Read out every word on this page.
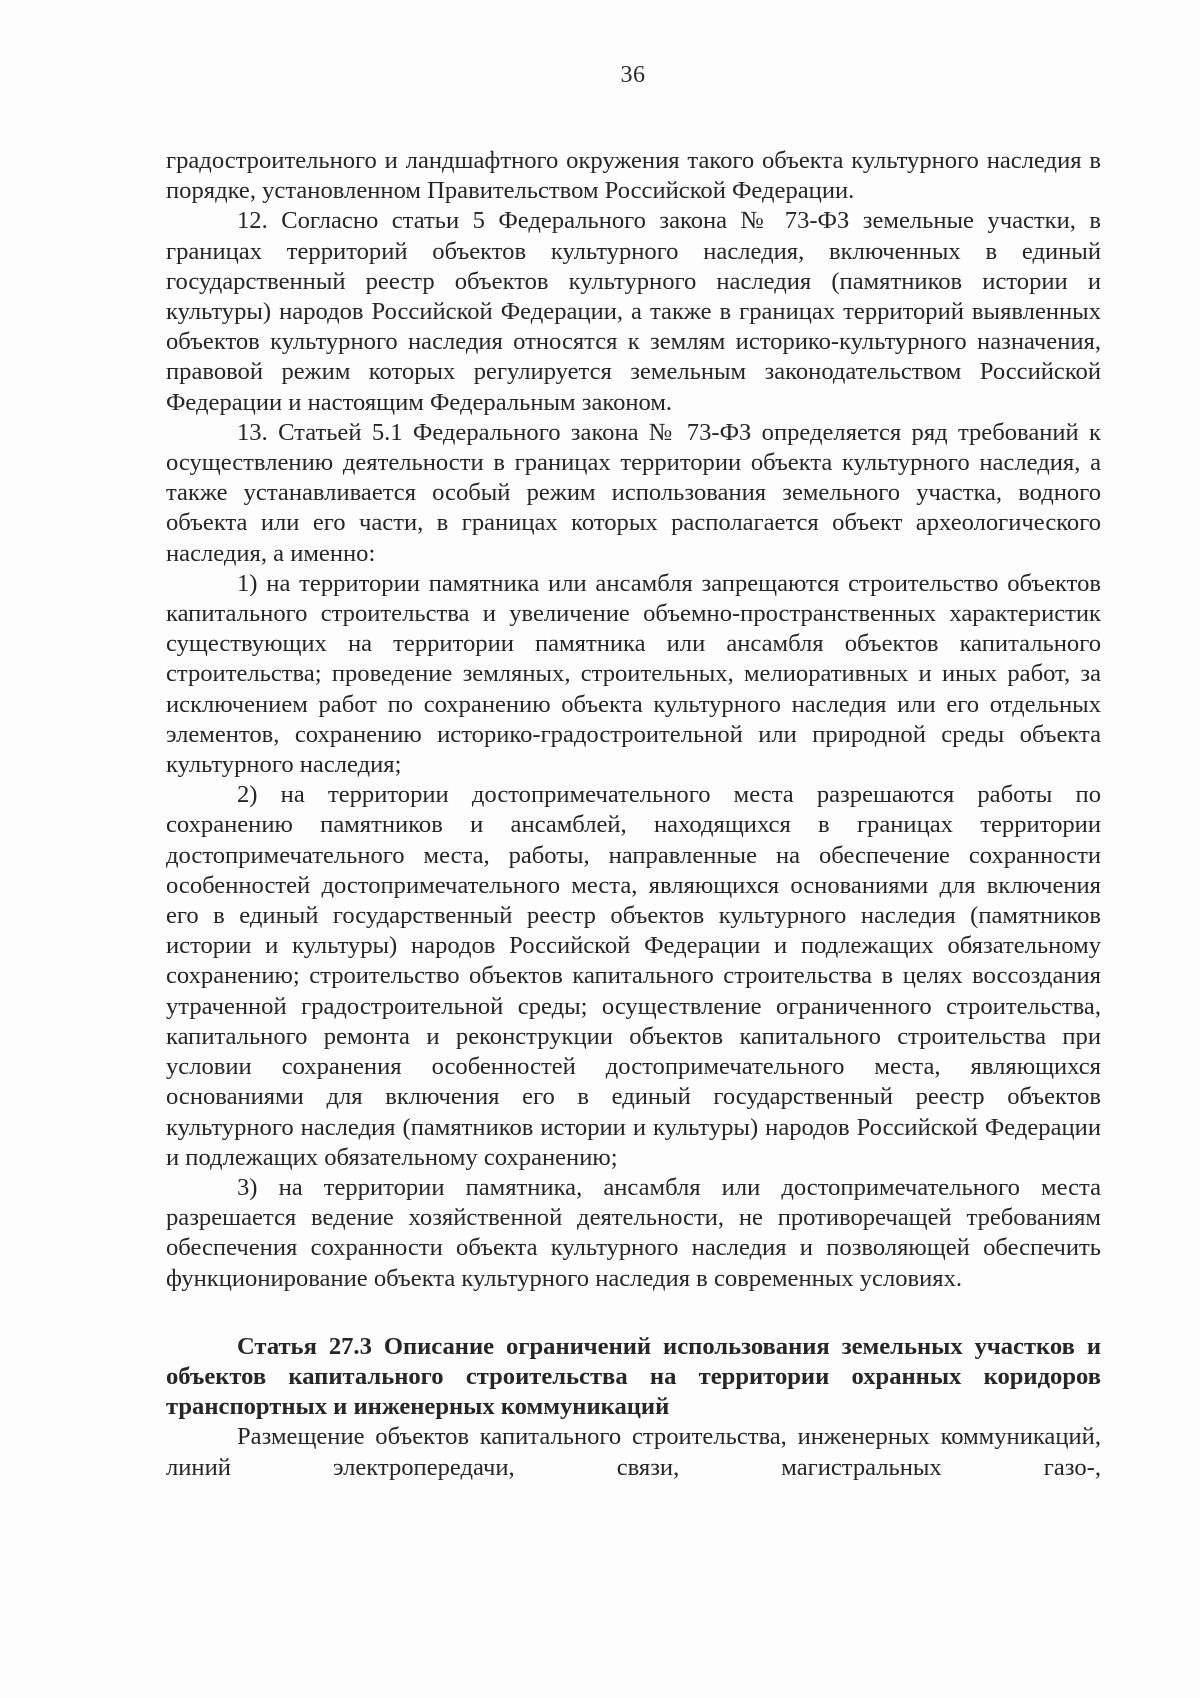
36

градостроительного и ландшафтного окружения такого объекта культурного наследия в порядке, установленном Правительством Российской Федерации.

12. Согласно статьи 5 Федерального закона № 73-ФЗ земельные участки, в границах территорий объектов культурного наследия, включенных в единый государственный реестр объектов культурного наследия (памятников истории и культуры) народов Российской Федерации, а также в границах территорий выявленных объектов культурного наследия относятся к землям историко-культурного назначения, правовой режим которых регулируется земельным законодательством Российской Федерации и настоящим Федеральным законом.

13. Статьей 5.1 Федерального закона № 73-ФЗ определяется ряд требований к осуществлению деятельности в границах территории объекта культурного наследия, а также устанавливается особый режим использования земельного участка, водного объекта или его части, в границах которых располагается объект археологического наследия, а именно:

1) на территории памятника или ансамбля запрещаются строительство объектов капитального строительства и увеличение объемно-пространственных характеристик существующих на территории памятника или ансамбля объектов капитального строительства; проведение земляных, строительных, мелиоративных и иных работ, за исключением работ по сохранению объекта культурного наследия или его отдельных элементов, сохранению историко-градостроительной или природной среды объекта культурного наследия;

2) на территории достопримечательного места разрешаются работы по сохранению памятников и ансамблей, находящихся в границах территории достопримечательного места, работы, направленные на обеспечение сохранности особенностей достопримечательного места, являющихся основаниями для включения его в единый государственный реестр объектов культурного наследия (памятников истории и культуры) народов Российской Федерации и подлежащих обязательному сохранению; строительство объектов капитального строительства в целях воссоздания утраченной градостроительной среды; осуществление ограниченного строительства, капитального ремонта и реконструкции объектов капитального строительства при условии сохранения особенностей достопримечательного места, являющихся основаниями для включения его в единый государственный реестр объектов культурного наследия (памятников истории и культуры) народов Российской Федерации и подлежащих обязательному сохранению;

3) на территории памятника, ансамбля или достопримечательного места разрешается ведение хозяйственной деятельности, не противоречащей требованиям обеспечения сохранности объекта культурного наследия и позволяющей обеспечить функционирование объекта культурного наследия в современных условиях.

Статья 27.3 Описание ограничений использования земельных участков и объектов капитального строительства на территории охранных коридоров транспортных и инженерных коммуникаций

Размещение объектов капитального строительства, инженерных коммуникаций, линий электропередачи, связи, магистральных газо-,
